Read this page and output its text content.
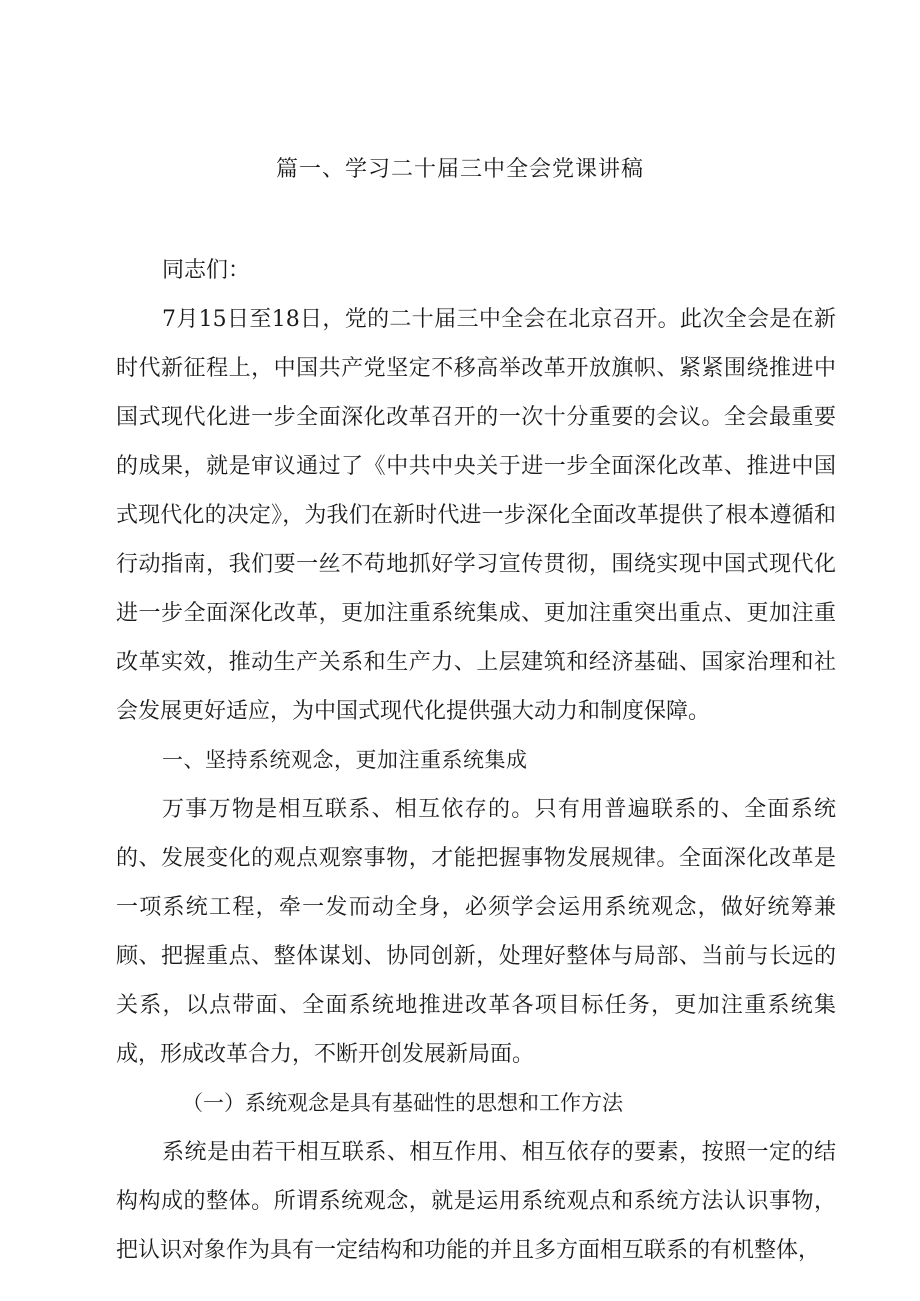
篇一、学习二十届三中全会党课讲稿

同志们：

7月15日至18日，党的二十届三中全会在北京召开。此次全会是在新时代新征程上，中国共产党坚定不移高举改革开放旗帜、紧紧围绕推进中国式现代化进一步全面深化改革召开的一次十分重要的会议。全会最重要的成果，就是审议通过了《中共中央关于进一步全面深化改革、推进中国式现代化的决定》，为我们在新时代进一步深化全面改革提供了根本遵循和行动指南，我们要一丝不苟地抓好学习宣传贯彻，围绕实现中国式现代化进一步全面深化改革，更加注重系统集成、更加注重突出重点、更加注重改革实效，推动生产关系和生产力、上层建筑和经济基础、国家治理和社会发展更好适应，为中国式现代化提供强大动力和制度保障。

一、坚持系统观念，更加注重系统集成

万事万物是相互联系、相互依存的。只有用普遍联系的、全面系统的、发展变化的观点观察事物，才能把握事物发展规律。全面深化改革是一项系统工程，牵一发而动全身，必须学会运用系统观念，做好统筹兼顾、把握重点、整体谋划、协同创新，处理好整体与局部、当前与长远的关系，以点带面、全面系统地推进改革各项目标任务，更加注重系统集成，形成改革合力，不断开创发展新局面。

（一）系统观念是具有基础性的思想和工作方法

系统是由若干相互联系、相互作用、相互依存的要素，按照一定的结构构成的整体。所谓系统观念，就是运用系统观点和系统方法认识事物，把认识对象作为具有一定结构和功能的并且多方面相互联系的有机整体，
